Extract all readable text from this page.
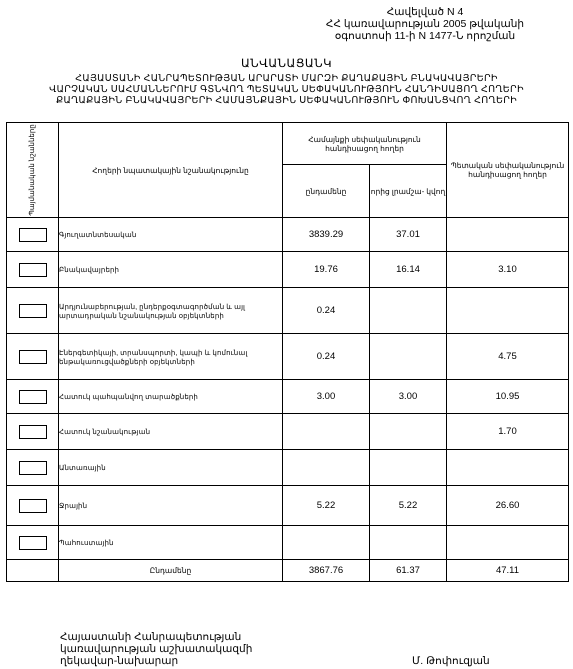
Հավելված N 4
ՀՀ կառավարության 2005 թվականի
օգոստոսի 11-ի N 1477-Ն որոշման
ԱՆՎԱՆԱՑԱՆԿ
ՀԱՅԱՍՏԱՆԻ ՀԱՆՐԱՊԵՏՈՒԹՅԱՆ ԱՐԱՐԱՏԻ ՄԱՐԶԻ ՔԱՂԱՔԱՅԻՆ ԲՆԱԿԱՎԱՅՐԵՐԻ
ՎԱՐՉԱԿԱՆ ՍԱՀՄԱՆՆԵՐՈՒՄ ԳՏՆՎՈՂ ՊԵՏԱԿԱՆ ՍԵՓԱԿԱՆՈՒԹՅՈՒՆ ՀԱՆԴԻՍԱՑՈՂ ՀՈՂԵՐԻ
ՔԱՂԱՔԱՅԻՆ ԲՆԱԿԱՎԱՅՐԵՐԻ ՀԱՄԱՅՆՔԱՅԻՆ ՍԵՓԱԿԱՆՈՒԹՅՈՒՆ ՓՈԽԱՆՑՎՈՂ ՀՈՂԵՐԻ
Պայմանական նշանները	Հողերի նպատակային նշանակությունը	Համայնքի սեփականություն հանդիսացող հողեր		Պետական սեփականություն հանդիսացող հողեր
		ընդամենը	որից լրամշա- կվող	

	Գյուղատնտեսական	3839.29	37.01	

	Բնակավայրերի	19.76	16.14	3.10

	Արդյունաբերության, ընդերքօգտագործման և այլ արտադրական նշանակության օբյեկտների	0.24		

	Էներգետիկայի, տրանսպորտի, կապի և կոմունալ ենթակառուցվածքների օբյեկտների	0.24		4.75

	Հատուկ պահպանվող տարածքների	3.00	3.00	10.95

	Հատուկ նշանակության			1.70

	Անտառային			

	Ջրային	5.22	5.22	26.60

	Պահուստային			
	Ընդամենը	3867.76	61.37	47.11
Հայաստանի Հանրապետության
կառավարության աշխատակազմի
ղեկավար-նախարար	Մ. Թոփուզյան
